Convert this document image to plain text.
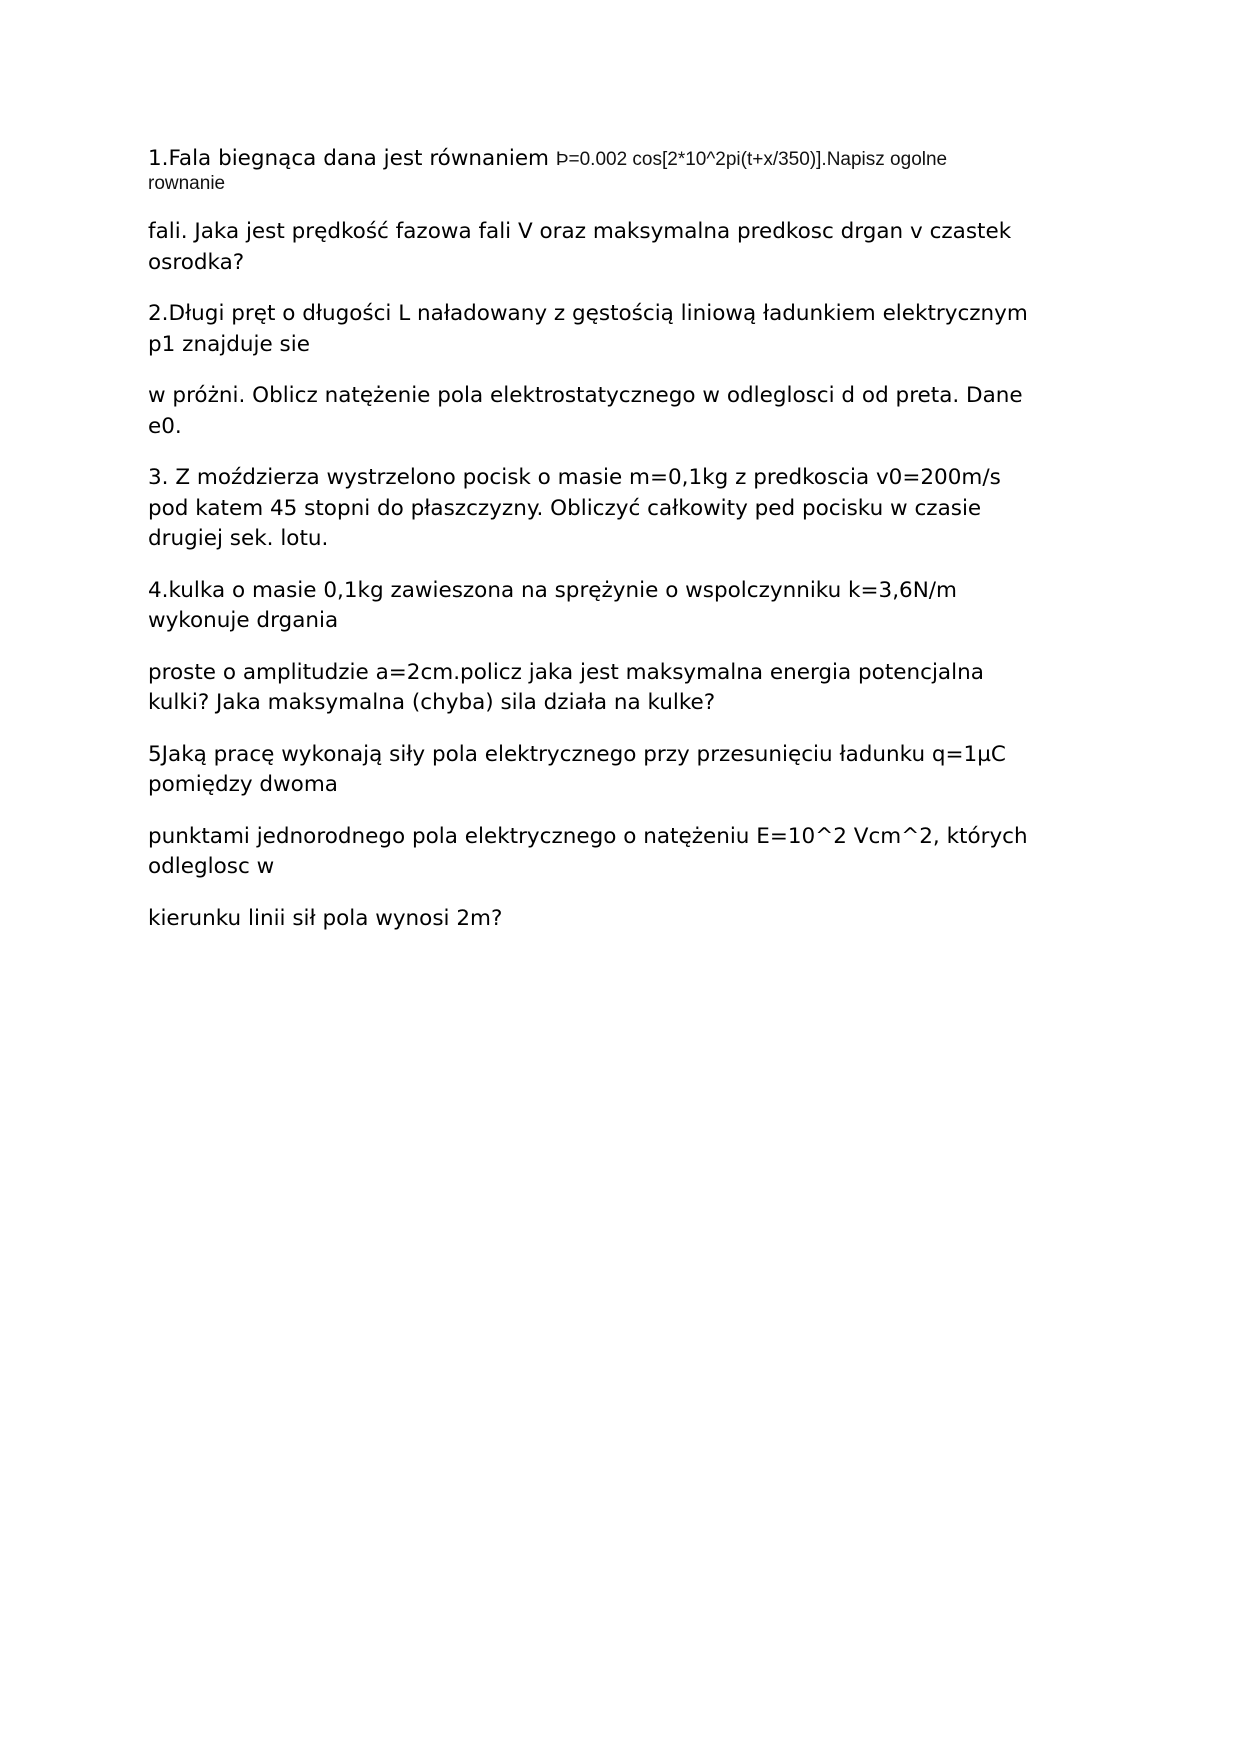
1.Fala biegnąca dana jest równaniem Þ=0.002 cos[2*10^2pi(t+x/350)].Napisz ogolne
rownanie

fali. Jaka jest prędkość fazowa fali V oraz maksymalna predkosc drgan v czastek
osrodka?

2.Długi pręt o długości L naładowany z gęstością liniową ładunkiem elektrycznym
p1 znajduje sie

w próżni. Oblicz natężenie pola elektrostatycznego w odleglosci d od preta. Dane
e0.

3. Z moździerza wystrzelono pocisk o masie m=0,1kg z predkoscia v0=200m/s
pod katem 45 stopni do płaszczyzny. Obliczyć całkowity ped pocisku w czasie
drugiej sek. lotu.

4.kulka o masie 0,1kg zawieszona na sprężynie o wspolczynniku k=3,6N/m
wykonuje drgania

proste o amplitudzie a=2cm.policz jaka jest maksymalna energia potencjalna
kulki? Jaka maksymalna (chyba) sila działa na kulke?

5Jaką pracę wykonają siły pola elektrycznego przy przesunięciu ładunku q=1µC
pomiędzy dwoma

punktami jednorodnego pola elektrycznego o natężeniu E=10^2 Vcm^2, których
odleglosc w

kierunku linii sił pola wynosi 2m?
